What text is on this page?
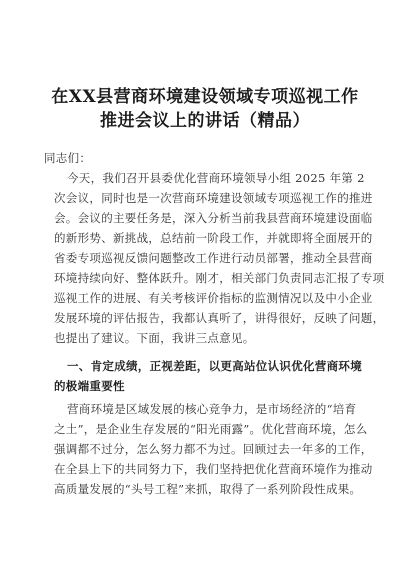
在XX县营商环境建设领域专项巡视工作
推进会议上的讲话（精品）
同志们：
今天，我们召开县委优化营商环境领导小组 2025 年第 2
次会议，同时也是一次营商环境建设领域专项巡视工作的推进
会。会议的主要任务是，深入分析当前我县营商环境建设面临
的新形势、新挑战，总结前一阶段工作，并就即将全面展开的
省委专项巡视反馈问题整改工作进行动员部署，推动全县营商
环境持续向好、整体跃升。刚才，相关部门负责同志汇报了专项
巡视工作的进展、有关考核评价指标的监测情况以及中小企业
发展环境的评估报告，我都认真听了，讲得很好，反映了问题，
也提出了建议。下面，我讲三点意见。
一、肯定成绩，正视差距，以更高站位认识优化营商环境
的极端重要性
营商环境是区域发展的核心竞争力，是市场经济的“培育
之土”，是企业生存发展的“阳光雨露”。优化营商环境，怎么
强调都不过分，怎么努力都不为过。回顾过去一年多的工作，
在全县上下的共同努力下，我们坚持把优化营商环境作为推动
高质量发展的“头号工程”来抓，取得了一系列阶段性成果。
